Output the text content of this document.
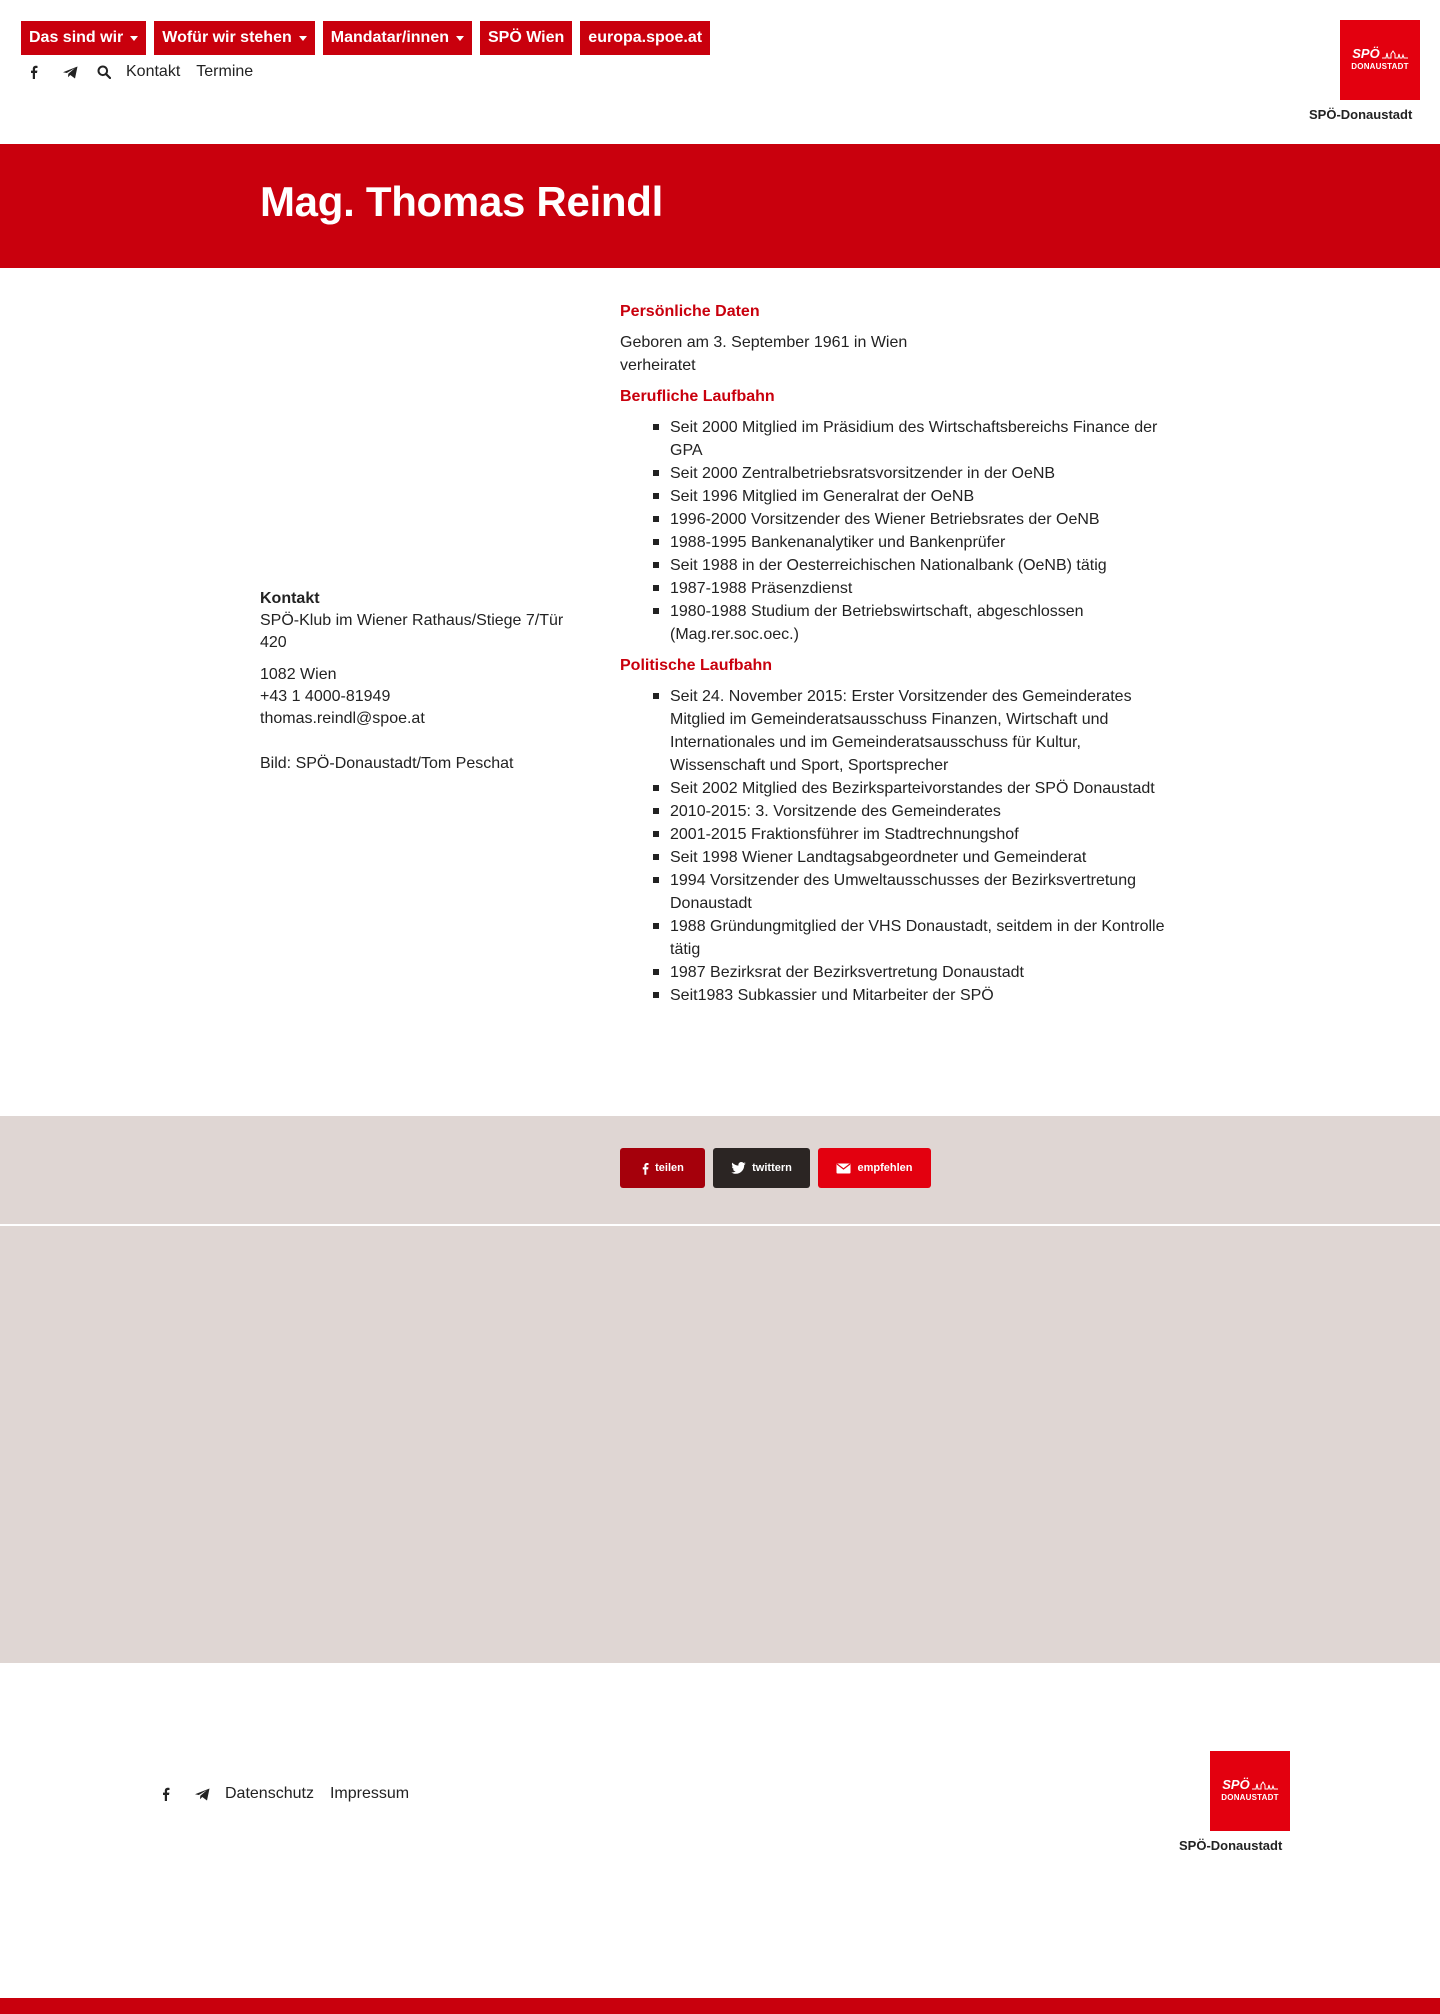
Das sind wir Wofür wir stehen Mandatar/innen SPÖ Wien europa.spoe.at
Kontakt Termine
SPÖ
DONAUSTADT
SPÖ-Donaustadt
Mag. Thomas Reindl

Kontakt

SPÖ-Klub im Wiener Rathaus/Stiege 7/Tür 420

1082 Wien

+43 1 4000-81949

thomas.reindl@spoe.at

Bild: SPÖ-Donaustadt/Tom Peschat

Persönliche Daten

Geboren am 3. September 1961 in Wien

verheiratet

Berufliche Laufbahn
Seit 2000 Mitglied im Präsidium des Wirtschaftsbereichs Finance der GPA
Seit 2000 Zentralbetriebsratsvorsitzender in der OeNB
Seit 1996 Mitglied im Generalrat der OeNB
1996-2000 Vorsitzender des Wiener Betriebsrates der OeNB
1988-1995 Bankenanalytiker und Bankenprüfer
Seit 1988 in der Oesterreichischen Nationalbank (OeNB) tätig
1987-1988 Präsenzdienst
1980-1988 Studium der Betriebswirtschaft, abgeschlossen (Mag.rer.soc.oec.)
Politische Laufbahn
Seit 24. November 2015: Erster Vorsitzender des Gemeinderates Mitglied im Gemeinderatsausschuss Finanzen, Wirtschaft und Internationales und im Gemeinderatsausschuss für Kultur, Wissenschaft und Sport, Sportsprecher
Seit 2002 Mitglied des Bezirksparteivorstandes der SPÖ Donaustadt
2010-2015: 3. Vorsitzende des Gemeinderates
2001-2015 Fraktionsführer im Stadtrechnungshof
Seit 1998 Wiener Landtagsabgeordneter und Gemeinderat
1994 Vorsitzender des Umweltausschusses der Bezirksvertretung Donaustadt
1988 Gründungmitglied der VHS Donaustadt, seitdem in der Kontrolle tätig
1987 Bezirksrat der Bezirksvertretung Donaustadt
Seit1983 Subkassier und Mitarbeiter der SPÖ
teilen	twittern	empfehlen
Datenschutz Impressum
SPÖ
DONAUSTADT
SPÖ-Donaustadt
